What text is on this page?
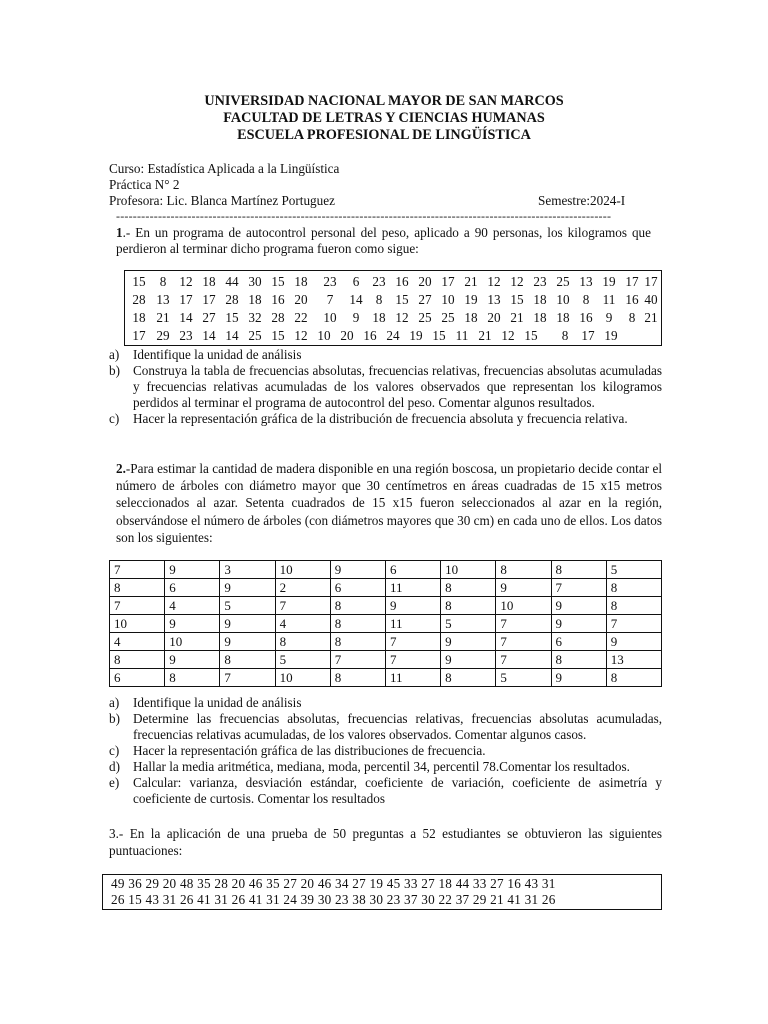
UNIVERSIDAD NACIONAL MAYOR DE SAN MARCOS
FACULTAD DE LETRAS Y CIENCIAS HUMANAS
ESCUELA PROFESIONAL DE LINGÜÍSTICA
Curso: Estadística Aplicada a la Lingüística
Práctica N° 2
Profesora: Lic. Blanca Martínez Portuguez	Semestre:2024-I
----------------------------------------------------------------------------------------------------------------------
1.- En un programa de autocontrol personal del peso, aplicado a 90 personas, los kilogramos que perdieron al terminar dicho programa fueron como sigue:
15 8 12 18 44 30 15 18 23 6 23 16 20 17 21 12 12 23 25 13 19 17 17
28 13 17 17 28 18 16 20 7 14 8 15 27 10 19 13 15 18 10 8 11 16 40
18 21 14 27 15 32 28 22 10 9 18 12 25 25 18 20 21 18 18 16 9 8 21
17 29 23 14 14 25 15 12 10 20 16 24 19 15 11 21 12 15 8 17 19
a) Identifique la unidad de análisis
b) Construya la tabla de frecuencias absolutas, frecuencias relativas, frecuencias absolutas acumuladas y frecuencias relativas acumuladas de los valores observados que representan los kilogramos perdidos al terminar el programa de autocontrol del peso. Comentar algunos resultados.
c) Hacer la representación gráfica de la distribución de frecuencia absoluta y frecuencia relativa.
2.-Para estimar la cantidad de madera disponible en una región boscosa, un propietario decide contar el número de árboles con diámetro mayor que 30 centímetros en áreas cuadradas de 15 x15 metros seleccionados al azar. Setenta cuadrados de 15 x15 fueron seleccionados al azar en la región, observándose el número de árboles (con diámetros mayores que 30 cm) en cada uno de ellos. Los datos son los siguientes:
7	9	3	10	9	6	10	8	8	5
8	6	9	2	6	11	8	9	7	8
7	4	5	7	8	9	8	10	9	8
10	9	9	4	8	11	5	7	9	7
4	10	9	8	8	7	9	7	6	9
8	9	8	5	7	7	9	7	8	13
6	8	7	10	8	11	8	5	9	8
a) Identifique la unidad de análisis
b) Determine las frecuencias absolutas, frecuencias relativas, frecuencias absolutas acumuladas, frecuencias relativas acumuladas, de los valores observados. Comentar algunos casos.
c) Hacer la representación gráfica de las distribuciones de frecuencia.
d) Hallar la media aritmética, mediana, moda, percentil 34, percentil 78.Comentar los resultados.
e) Calcular: varianza, desviación estándar, coeficiente de variación, coeficiente de asimetría y coeficiente de curtosis. Comentar los resultados
3.- En la aplicación de una prueba de 50 preguntas a 52 estudiantes se obtuvieron las siguientes puntuaciones:
49 36 29 20 48 35 28 20 46 35 27 20 46 34 27 19 45 33 27 18 44 33 27 16 43 31
26 15 43 31 26 41 31 26 41 31 24 39 30 23 38 30 23 37 30 22 37 29 21 41 31 26
